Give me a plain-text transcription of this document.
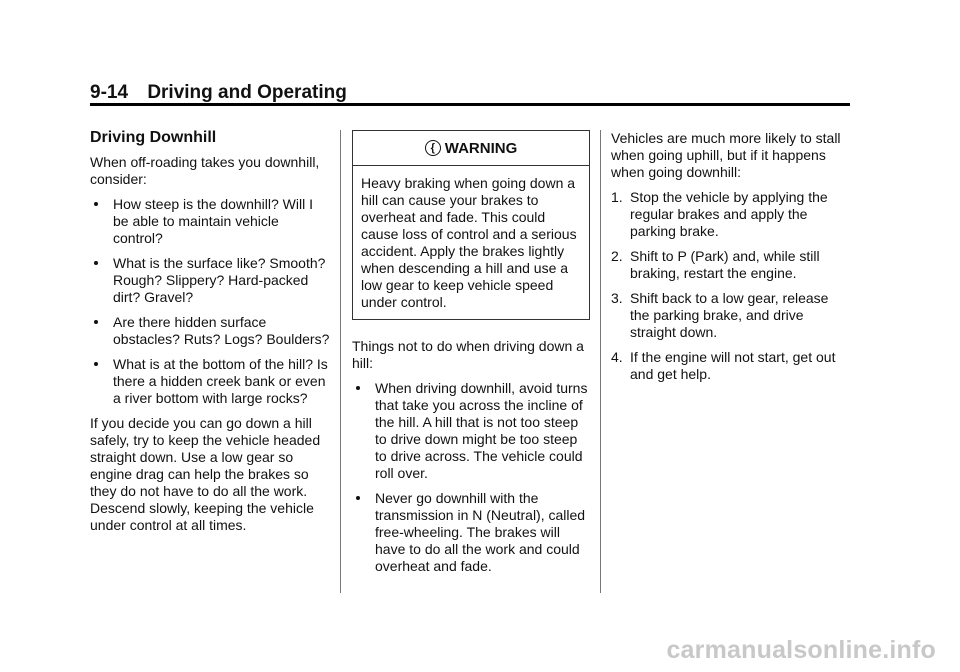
9-14 Driving and Operating
Driving Downhill

When off-roading takes you downhill, consider:

How steep is the downhill? Will I be able to maintain vehicle control?
What is the surface like? Smooth? Rough? Slippery? Hard-packed dirt? Gravel?
Are there hidden surface obstacles? Ruts? Logs? Boulders?
What is at the bottom of the hill? Is there a hidden creek bank or even a river bottom with large rocks?

If you decide you can go down a hill safely, try to keep the vehicle headed straight down. Use a low gear so engine drag can help the brakes so they do not have to do all the work. Descend slowly, keeping the vehicle under control at all times.

{ WARNING
Heavy braking when going down a hill can cause your brakes to overheat and fade. This could cause loss of control and a serious accident. Apply the brakes lightly when descending a hill and use a low gear to keep vehicle speed under control.

Things not to do when driving down a hill:

When driving downhill, avoid turns that take you across the incline of the hill. A hill that is not too steep to drive down might be too steep to drive across. The vehicle could roll over.
Never go downhill with the transmission in N (Neutral), called free-wheeling. The brakes will have to do all the work and could overheat and fade.

Vehicles are much more likely to stall when going uphill, but if it happens when going downhill:

1. Stop the vehicle by applying the regular brakes and apply the parking brake.
2. Shift to P (Park) and, while still braking, restart the engine.
3. Shift back to a low gear, release the parking brake, and drive straight down.
4. If the engine will not start, get out and get help.
carmanualsonline.info
